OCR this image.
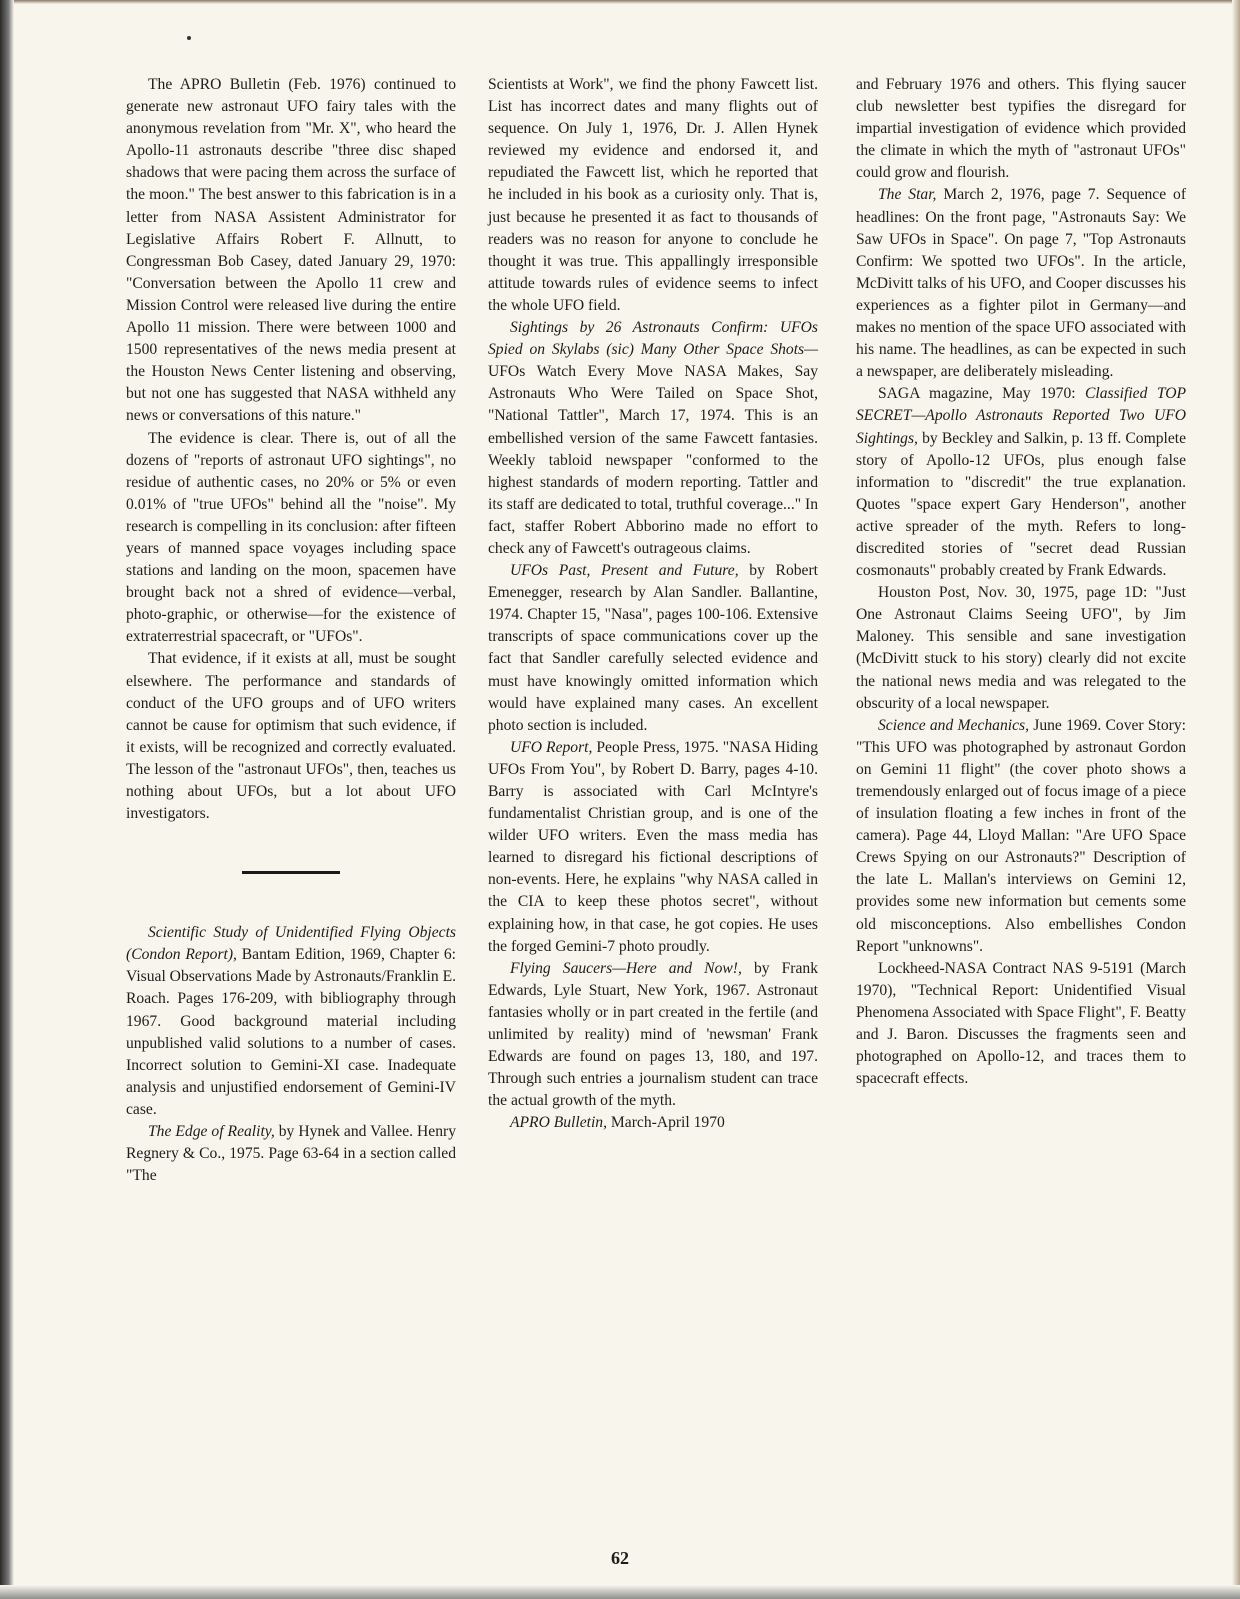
The APRO Bulletin (Feb. 1976) continued to generate new astronaut UFO fairy tales with the anonymous revelation from "Mr. X", who heard the Apollo-11 astronauts describe "three disc shaped shadows that were pacing them across the surface of the moon." The best answer to this fabrication is in a letter from NASA Assistent Administrator for Legislative Affairs Robert F. Allnutt, to Congressman Bob Casey, dated January 29, 1970: "Conversation between the Apollo 11 crew and Mission Control were released live during the entire Apollo 11 mission. There were between 1000 and 1500 representatives of the news media present at the Houston News Center listening and observing, but not one has suggested that NASA withheld any news or conversations of this nature."

The evidence is clear. There is, out of all the dozens of "reports of astronaut UFO sightings", no residue of authentic cases, no 20% or 5% or even 0.01% of "true UFOs" behind all the "noise". My research is compelling in its conclusion: after fifteen years of manned space voyages including space stations and landing on the moon, spacemen have brought back not a shred of evidence—verbal, photo-graphic, or otherwise—for the existence of extraterrestrial spacecraft, or "UFOs".

That evidence, if it exists at all, must be sought elsewhere. The performance and standards of conduct of the UFO groups and of UFO writers cannot be cause for optimism that such evidence, if it exists, will be recognized and correctly evaluated. The lesson of the "astronaut UFOs", then, teaches us nothing about UFOs, but a lot about UFO investigators.

Scientific Study of Unidentified Flying Objects (Condon Report), Bantam Edition, 1969, Chapter 6: Visual Observations Made by Astronauts/Franklin E. Roach. Pages 176-209, with bibliography through 1967. Good background material including unpublished valid solutions to a number of cases. Incorrect solution to Gemini-XI case. Inadequate analysis and unjustified endorsement of Gemini-IV case.

The Edge of Reality, by Hynek and Vallee. Henry Regnery & Co., 1975. Page 63-64 in a section called "The

Scientists at Work", we find the phony Fawcett list. List has incorrect dates and many flights out of sequence. On July 1, 1976, Dr. J. Allen Hynek reviewed my evidence and endorsed it, and repudiated the Fawcett list, which he reported that he included in his book as a curiosity only. That is, just because he presented it as fact to thousands of readers was no reason for anyone to conclude he thought it was true. This appallingly irresponsible attitude towards rules of evidence seems to infect the whole UFO field.

Sightings by 26 Astronauts Confirm: UFOs Spied on Skylabs (sic) Many Other Space Shots—UFOs Watch Every Move NASA Makes, Say Astronauts Who Were Tailed on Space Shot, "National Tattler", March 17, 1974. This is an embellished version of the same Fawcett fantasies. Weekly tabloid newspaper "conformed to the highest standards of modern reporting. Tattler and its staff are dedicated to total, truthful coverage..." In fact, staffer Robert Abborino made no effort to check any of Fawcett's outrageous claims.

UFOs Past, Present and Future, by Robert Emenegger, research by Alan Sandler. Ballantine, 1974. Chapter 15, "Nasa", pages 100-106. Extensive transcripts of space communications cover up the fact that Sandler carefully selected evidence and must have knowingly omitted information which would have explained many cases. An excellent photo section is included.

UFO Report, People Press, 1975. "NASA Hiding UFOs From You", by Robert D. Barry, pages 4-10. Barry is associated with Carl McIntyre's fundamentalist Christian group, and is one of the wilder UFO writers. Even the mass media has learned to disregard his fictional descriptions of non-events. Here, he explains "why NASA called in the CIA to keep these photos secret", without explaining how, in that case, he got copies. He uses the forged Gemini-7 photo proudly.

Flying Saucers—Here and Now!, by Frank Edwards, Lyle Stuart, New York, 1967. Astronaut fantasies wholly or in part created in the fertile (and unlimited by reality) mind of 'newsman' Frank Edwards are found on pages 13, 180, and 197. Through such entries a journalism student can trace the actual growth of the myth.

APRO Bulletin, March-April 1970

and February 1976 and others. This flying saucer club newsletter best typifies the disregard for impartial investigation of evidence which provided the climate in which the myth of "astronaut UFOs" could grow and flourish.

The Star, March 2, 1976, page 7. Sequence of headlines: On the front page, "Astronauts Say: We Saw UFOs in Space". On page 7, "Top Astronauts Confirm: We spotted two UFOs". In the article, McDivitt talks of his UFO, and Cooper discusses his experiences as a fighter pilot in Germany—and makes no mention of the space UFO associated with his name. The headlines, as can be expected in such a newspaper, are deliberately misleading.

SAGA magazine, May 1970: Classified TOP SECRET—Apollo Astronauts Reported Two UFO Sightings, by Beckley and Salkin, p. 13 ff. Complete story of Apollo-12 UFOs, plus enough false information to "discredit" the true explanation. Quotes "space expert Gary Henderson", another active spreader of the myth. Refers to long-discredited stories of "secret dead Russian cosmonauts" probably created by Frank Edwards.

Houston Post, Nov. 30, 1975, page 1D: "Just One Astronaut Claims Seeing UFO", by Jim Maloney. This sensible and sane investigation (McDivitt stuck to his story) clearly did not excite the national news media and was relegated to the obscurity of a local newspaper.

Science and Mechanics, June 1969. Cover Story: "This UFO was photographed by astronaut Gordon on Gemini 11 flight" (the cover photo shows a tremendously enlarged out of focus image of a piece of insulation floating a few inches in front of the camera). Page 44, Lloyd Mallan: "Are UFO Space Crews Spying on our Astronauts?" Description of the late L. Mallan's interviews on Gemini 12, provides some new information but cements some old misconceptions. Also embellishes Condon Report "unknowns".

Lockheed-NASA Contract NAS 9-5191 (March 1970), "Technical Report: Unidentified Visual Phenomena Associated with Space Flight", F. Beatty and J. Baron. Discusses the fragments seen and photographed on Apollo-12, and traces them to spacecraft effects.

62
